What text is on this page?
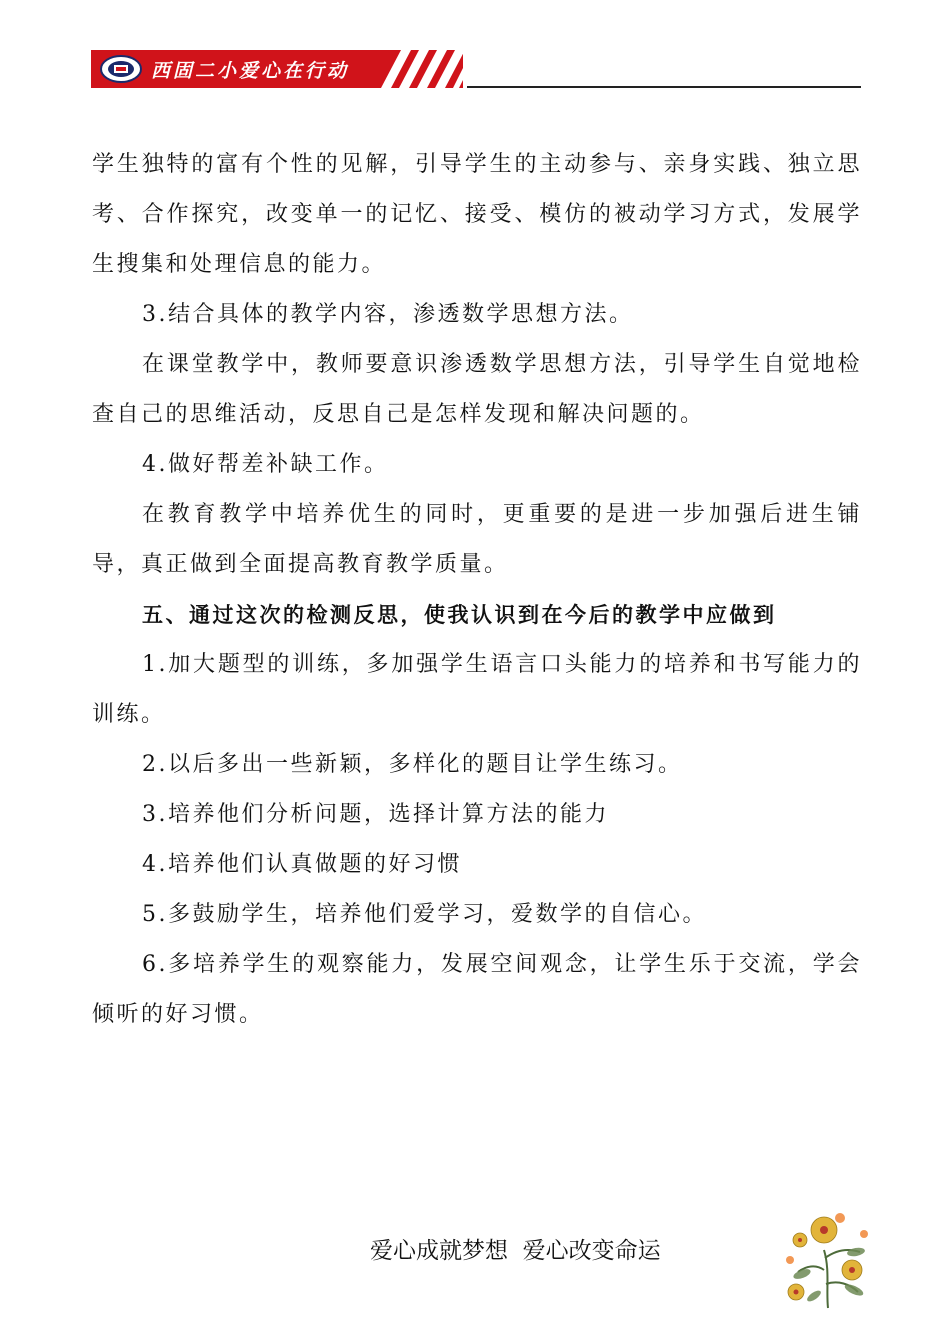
西固二小爱心在行动

学生独特的富有个性的见解，引导学生的主动参与、亲身实践、独立思考、合作探究，改变单一的记忆、接受、模仿的被动学习方式，发展学生搜集和处理信息的能力。

3.结合具体的教学内容，渗透数学思想方法。

在课堂教学中，教师要意识渗透数学思想方法，引导学生自觉地检查自己的思维活动，反思自己是怎样发现和解决问题的。

4.做好帮差补缺工作。

在教育教学中培养优生的同时，更重要的是进一步加强后进生铺导，真正做到全面提高教育教学质量。

五、通过这次的检测反思，使我认识到在今后的教学中应做到

1.加大题型的训练，多加强学生语言口头能力的培养和书写能力的训练。

2.以后多出一些新颖，多样化的题目让学生练习。

3.培养他们分析问题，选择计算方法的能力

4.培养他们认真做题的好习惯

5.多鼓励学生，培养他们爱学习，爱数学的自信心。

6.多培养学生的观察能力，发展空间观念，让学生乐于交流，学会倾听的好习惯。

爱心成就梦想  爱心改变命运
